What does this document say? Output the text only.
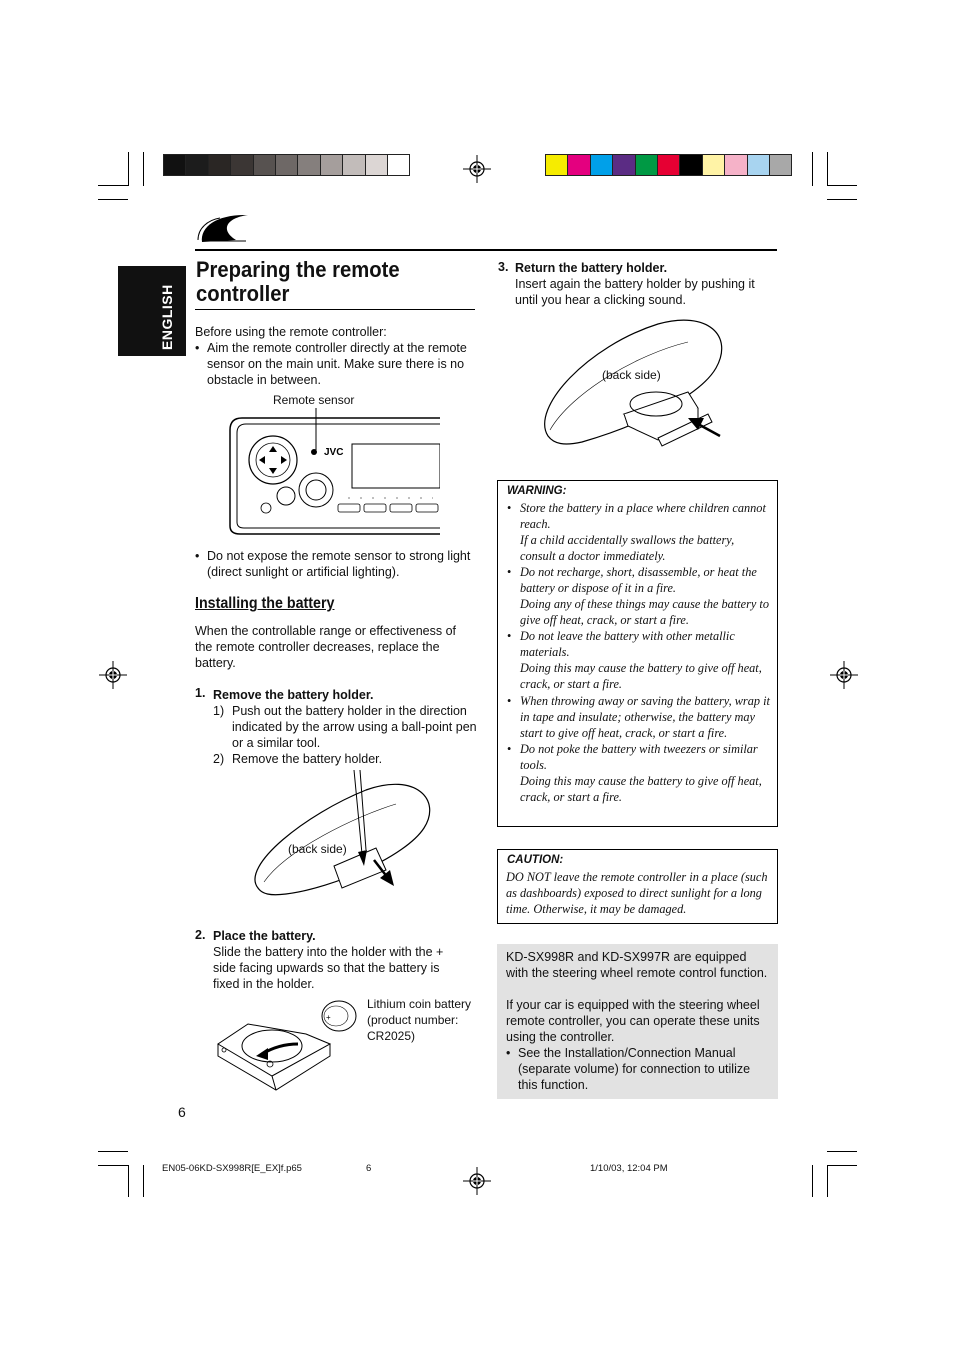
ENGLISH
Preparing the remote
controller
Before using the remote controller:
• Aim the remote controller directly at the remote sensor on the main unit. Make sure there is no obstacle in between.
Remote sensor
JVC
• Do not expose the remote sensor to strong light (direct sunlight or artificial lighting).
Installing the battery
When the controllable range or effectiveness of the remote controller decreases, replace the battery.
1. Remove the battery holder.
1) Push out the battery holder in the direction indicated by the arrow using a ball-point pen or a similar tool.
2) Remove the battery holder.
(back side)
2. Place the battery.
Slide the battery into the holder with the + side facing upwards so that the battery is fixed in the holder.
+
Lithium coin battery (product number: CR2025)
6
3. Return the battery holder.
Insert again the battery holder by pushing it until you hear a clicking sound.
(back side)
WARNING:
• Store the battery in a place where children cannot reach.
If a child accidentally swallows the battery, consult a doctor immediately.
• Do not recharge, short, disassemble, or heat the battery or dispose of it in a fire.
Doing any of these things may cause the battery to give off heat, crack, or start a fire.
• Do not leave the battery with other metallic materials.
Doing this may cause the battery to give off heat, crack, or start a fire.
• When throwing away or saving the battery, wrap it in tape and insulate; otherwise, the battery may start to give off heat, crack, or start a fire.
• Do not poke the battery with tweezers or similar tools.
Doing this may cause the battery to give off heat, crack, or start a fire.
CAUTION:
DO NOT leave the remote controller in a place (such as dashboards) exposed to direct sunlight for a long time. Otherwise, it may be damaged.
KD-SX998R and KD-SX997R are equipped with the steering wheel remote control function.
If your car is equipped with the steering wheel remote controller, you can operate these units using the controller.
• See the Installation/Connection Manual (separate volume) for connection to utilize this function.
EN05-06KD-SX998R[E_EX]f.p65	6	1/10/03, 12:04 PM
